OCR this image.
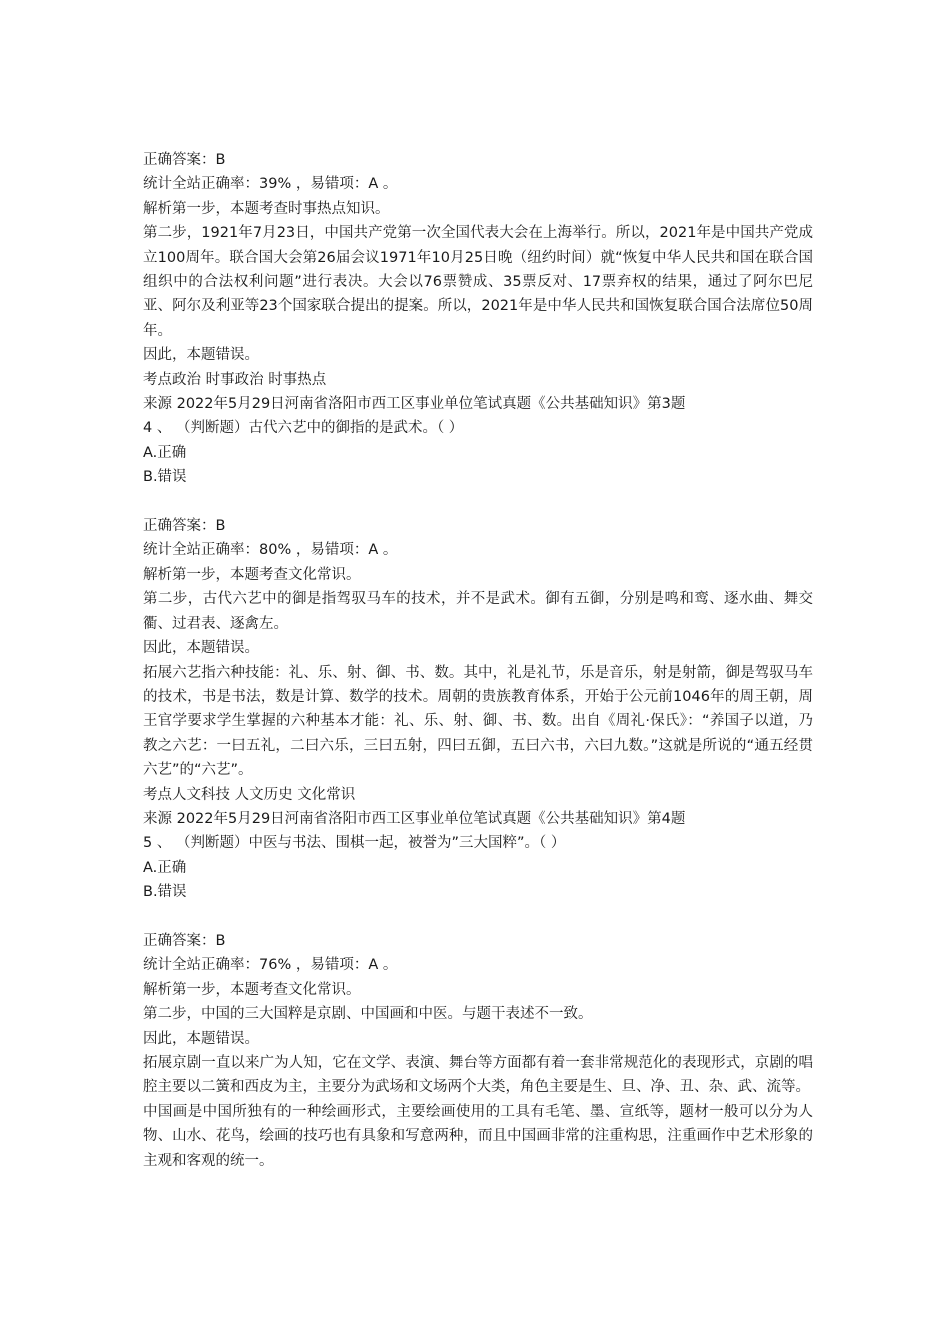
正确答案：B
统计全站正确率：39% ，易错项：A 。
解析第一步，本题考查时事热点知识。
第二步，1921年7月23日，中国共产党第一次全国代表大会在上海举行。所以，2021年是中国共产党成立100周年。联合国大会第26届会议1971年10月25日晚（纽约时间）就“恢复中华人民共和国在联合国组织中的合法权利问题”进行表决。大会以76票赞成、35票反对、17票弃权的结果，通过了阿尔巴尼亚、阿尔及利亚等23个国家联合提出的提案。所以，2021年是中华人民共和国恢复联合国合法席位50周年。
因此，本题错误。
考点政治 时事政治 时事热点
来源 2022年5月29日河南省洛阳市西工区事业单位笔试真题《公共基础知识》第3题
4 、 （判断题）古代六艺中的御指的是武术。（ ）
A.正确
B.错误
正确答案：B
统计全站正确率：80% ，易错项：A 。
解析第一步，本题考查文化常识。
第二步，古代六艺中的御是指驾驭马车的技术，并不是武术。御有五御，分别是鸣和鸾、逐水曲、舞交衢、过君表、逐禽左。
因此，本题错误。
拓展六艺指六种技能：礼、乐、射、御、书、数。其中，礼是礼节，乐是音乐，射是射箭，御是驾驭马车的技术，书是书法，数是计算、数学的技术。周朝的贵族教育体系，开始于公元前1046年的周王朝，周王官学要求学生掌握的六种基本才能：礼、乐、射、御、书、数。出自《周礼·保氏》：“养国子以道，乃教之六艺：一曰五礼，二曰六乐，三曰五射，四曰五御，五曰六书，六曰九数。”这就是所说的“通五经贯六艺”的“六艺”。
考点人文科技 人文历史 文化常识
来源 2022年5月29日河南省洛阳市西工区事业单位笔试真题《公共基础知识》第4题
5 、 （判断题）中医与书法、围棋一起，被誉为”三大国粹”。（ ）
A.正确
B.错误
正确答案：B
统计全站正确率：76% ，易错项：A 。
解析第一步，本题考查文化常识。
第二步，中国的三大国粹是京剧、中国画和中医。与题干表述不一致。
因此，本题错误。
拓展京剧一直以来广为人知，它在文学、表演、舞台等方面都有着一套非常规范化的表现形式，京剧的唱腔主要以二簧和西皮为主，主要分为武场和文场两个大类，角色主要是生、旦、净、丑、杂、武、流等。
中国画是中国所独有的一种绘画形式，主要绘画使用的工具有毛笔、墨、宣纸等，题材一般可以分为人物、山水、花鸟，绘画的技巧也有具象和写意两种，而且中国画非常的注重构思，注重画作中艺术形象的主观和客观的统一。
